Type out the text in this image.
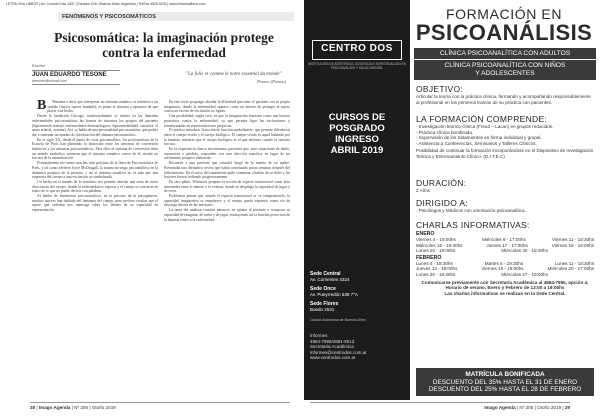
LETRA VIVA LIBROS | Av. Coronel Díaz 1837 | Ecuador 616 | Buenos Aires, Argentina | Tel/Fax 4825-9034 | www.letravivalibros.com
FENÓMENOS Y PSICOSOMÁTICOS
Psicosomática: la imaginación protege contra la enfermedad
Escribe
JUAN EDUARDO TESONE
jetesone@hotmail.com
"La folie et comme le notre essentiel du monde"
Pessoa (Pessoa)

B Bastante a decir que interpretar un síntoma somático es remitirse a un sentido (mayor operar fundado), es poner el síntoma a apoyarse de qué placer está hecho.

Desde la fundación Chicago, tradicionalmente se incluía en las llamadas enfermedades psicosomáticas las formas de síntomas los propios del paciente (hipertensión arterial, enfermedades dermatológicas, hipersensibilidad, sensitiva, el asma arterial, eczema). Así, se habla de una personalidad psicosomática, que podría dar a sustentar un aparato de clasificación del síntoma psicosomático.

En el siglo XX, desde el punto de vista psicoanalítico, los psicoanalistas de la Escuela de París han planteado la distinción entre los síntomas de conversión histéricos y los síntomas psicosomáticos. Para ellos el síntoma de conversión tiene un sentido simbólico, mientras que el síntoma somático carece de él, siendo un fracaso de la mentalización.

Personalmente me siento muchas más próxima de la línea de Psicosomática de París, y tal como advierte Joyce McDougall, la misma un sesgo psicoanalítico en la dinámica psíquica de la persona, y así el síntoma somático no es más que una respuesta del cuerpo a una excitación no simbolizada.

Un hecho en el mundo de lo somático nos permite abordar una zona de cierta disociación del cuerpo, donde la enfermedad se expresa y el cuerpo se convierte en teatro de lo que no puede decirse con palabras.

Al hablar de fenómenos psicosomáticos, en la psicosis de la psicogénesis, muchos autores han hablado del fantasma del cuerpo, pero prefiero resaltar que el sujeto que enferma nos interroga sobre los límites de su capacidad de representación.

En este texto propongo abordar la dificultad que tiene el paciente con su propio imaginario, donde la enfermedad aparece como un intento de proteger al sujeto contra un exceso de excitación no ligada.

Una posibilidad, según creo, es que la imaginación funcione como una barrera protectora contra la enfermedad, ya que permite ligar las excitaciones y transformarlas en representaciones psíquicas.

Es preciso introducir la noción de función simbolizante, que permite diferenciar entre el cuerpo vivido y el cuerpo biológico. El cuerpo vivido es aquel habitado por la fantasía, mientras que el cuerpo biológico es el que enferma cuando la fantasía fracasa.

En la experiencia clínica encontramos pacientes que, ante situaciones de duelo, separación o pérdida, responden con una afección somática en lugar de un sufrimiento psíquico elaborado.

Recuerdo a una paciente que consultó luego de la muerte de su madre. Presentaba una dermatitis severa que había comenzado pocas semanas después del fallecimiento. En el curso del tratamiento pudo comenzar a hablar de su dolor y las lesiones fueron cediendo progresivamente.

En otro plano, Winnicott propone la noción de espacio transicional como área intermedia entre lo interno y lo externo, donde se despliega la capacidad de jugar y de crear.

Podríamos pensar que cuando el espacio transicional se ve comprometido, la capacidad imaginativa se empobrece y el cuerpo queda expuesto como vía de descarga directa de las tensiones.

La tarea del analista consiste entonces en ayudar al paciente a recuperar su capacidad de imaginar, de soñar y de jugar, restituyendo así la función protectora de la fantasía frente a la enfermedad.

28 | Imago Agenda | Nº 205 | Otoño 2019
CENTRO DOS
INSTITUCIÓN DE ASISTENCIA, DOCENCIA E INVESTIGACIÓN EN PSICOANÁLISIS Y SALUD MENTAL
CURSOS DE
POSGRADO
INGRESO
ABRIL 2019
Sede Central
Av. Corrientes 4324
Sede Once
Av. Pueyrredón 538 7°A
Sede Flores
Boedo 2531
Ciudad Autónoma de Buenos Aires
Informes
4864-7995/4861-9013
Secretaria Académica
informes@centrodos.com.ar
www.centrodos.com.ar
FORMACIÓN EN
PSICOANÁLISIS
CLÍNICA PSICOANALÍTICA CON ADULTOS
CLÍNICA PSICOANALÍTICA CON NIÑOS
Y ADOLESCENTES
OBJETIVO:
Articular la teoría con la práctica clínica, formando y acompañando responsablemente al profesional en los primeros tramos de su práctica con pacientes.
LA FORMACIÓN COMPRENDE:
- Investigación teórico-clínica (Freud – Lacan) en grupos reducidos.
- Práctica clínica bonificada.
- Supervisión de los tratamientos en forma individual y grupal.
- Asistencia a Conferencias, Seminarios y Talleres Clínicos.
Posibilidad de continuar la formación incorporándose en el Dispositivo de Investigación Teórica y Entrenamiento Clínico. (D.I.T.E.C)
DURACIÓN:
2 Años
DIRIGIDO A:
- Psicólogos y Médicos con orientación psicoanalítica.
CHARLAS INFORMATIVAS:
ENERO
Viernes 4 - 19:00hs	Miércoles 9 - 17:00hs	Viernes 11 - 18:30hs
Miércoles 16 - 19:30hs	Jueves 17 - 17:00hs	Viernes 18 - 16:00hs
Lunes 28 - 19:00hs	Miércoles 30 - 18:30hs
FEBRERO
Lunes 4 - 18:30hs	Martes 5 - 19:30hs	Lunes 11 - 18:30hs
Jueves 14 - 19:00hs	Viernes 15 - 19:00hs	Miércoles 20 - 17:00hs
Lunes 25 - 18:30hs	Miércoles 27 - 19:00hs
Comunicarse previamente con Secretaría Académica al 4864-7995, opción 4. Horario de verano, Enero y Febrero de 13:00 a 19:00hs
Las charlas informativas se realizan en la Sede Central.
MATRÍCULA BONIFICADA
DESCUENTO DEL 35% HASTA EL 31 DE ENERO
DESCUENTO DEL 25% HASTA EL 28 DE FEBRERO
Imago Agenda | Nº 205 | Otoño 2019 | 29
